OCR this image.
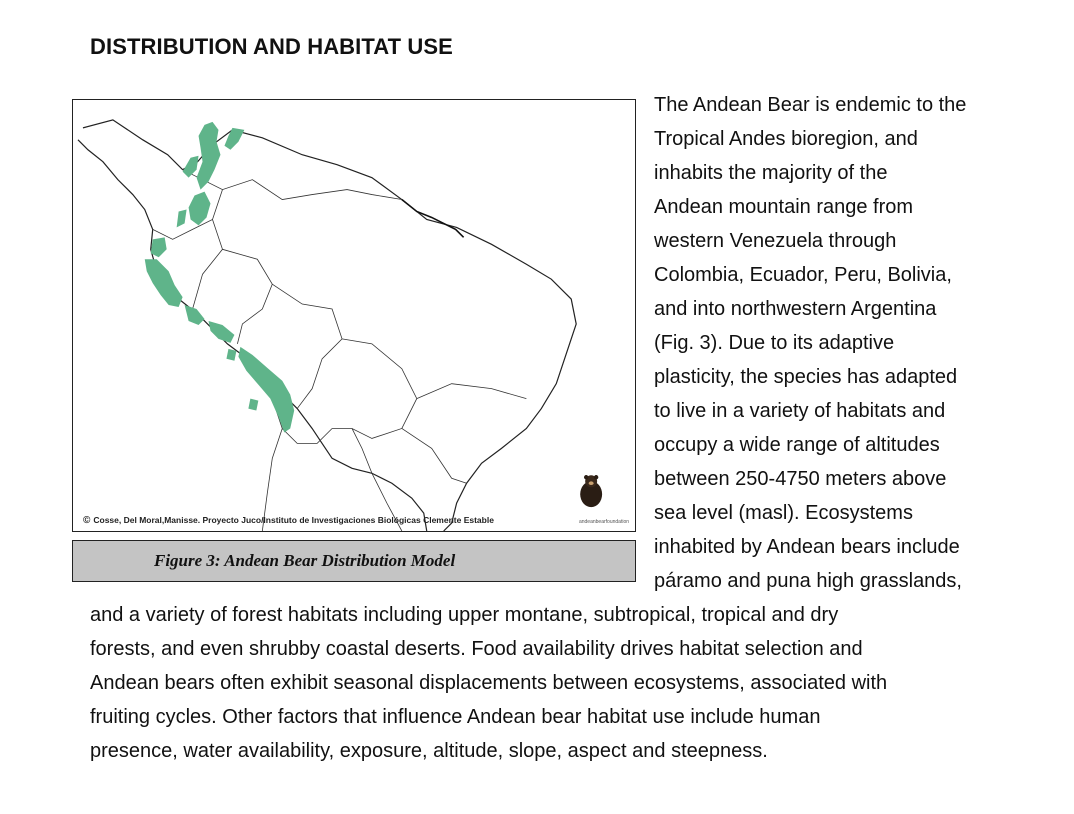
DISTRIBUTION AND HABITAT USE
© Cosse, Del Moral,Manisse. Proyecto Juco/Instituto de Investigaciones Biológicas Clemente Estable	andeanbearfoundation
Figure 3: Andean Bear Distribution Model

The Andean Bear is endemic to the
Tropical Andes bioregion, and
inhabits the majority of the
Andean mountain range from
western Venezuela through
Colombia, Ecuador, Peru, Bolivia,
and into northwestern Argentina
(Fig. 3). Due to its adaptive
plasticity, the species has adapted
to live in a variety of habitats and
occupy a wide range of altitudes
between 250-4750 meters above
sea level (masl). Ecosystems
inhabited by Andean bears include
páramo and puna high grasslands,

and a variety of forest habitats including upper montane, subtropical, tropical and dry
forests, and even shrubby coastal deserts. Food availability drives habitat selection and
Andean bears often exhibit seasonal displacements between ecosystems, associated with
fruiting cycles. Other factors that influence Andean bear habitat use include human
presence, water availability, exposure, altitude, slope, aspect and steepness.
